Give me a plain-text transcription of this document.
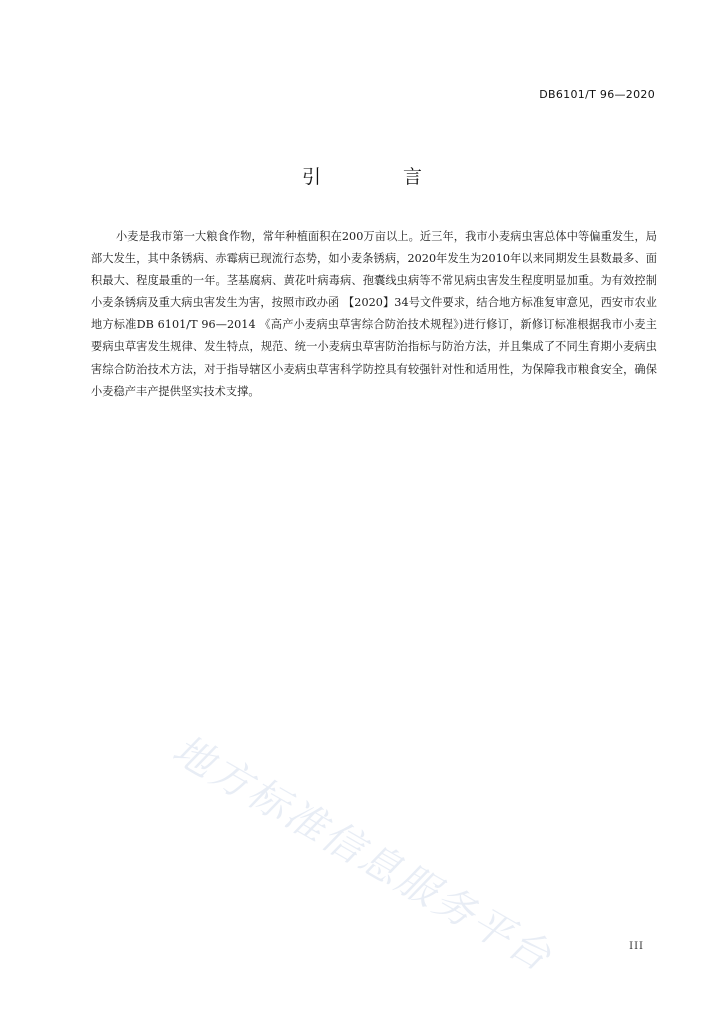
DB6101/T 96—2020
引 言

小麦是我市第一大粮食作物，常年种植面积在200万亩以上。近三年，我市小麦病虫害总体中等偏重发生，局部大发生，其中条锈病、赤霉病已现流行态势，如小麦条锈病，2020年发生为2010年以来同期发生县数最多、面积最大、程度最重的一年。茎基腐病、黄花叶病毒病、孢囊线虫病等不常见病虫害发生程度明显加重。为有效控制小麦条锈病及重大病虫害发生为害，按照市政办函 【2020】34号文件要求，结合地方标准复审意见，西安市农业地方标准DB 6101/T 96—2014 《高产小麦病虫草害综合防治技术规程》)进行修订，新修订标准根据我市小麦主要病虫草害发生规律、发生特点，规范、统一小麦病虫草害防治指标与防治方法，并且集成了不同生育期小麦病虫害综合防治技术方法，对于指导辖区小麦病虫草害科学防控具有较强针对性和适用性，为保障我市粮食安全，确保小麦稳产丰产提供坚实技术支撑。

地方标准信息服务平台	III
